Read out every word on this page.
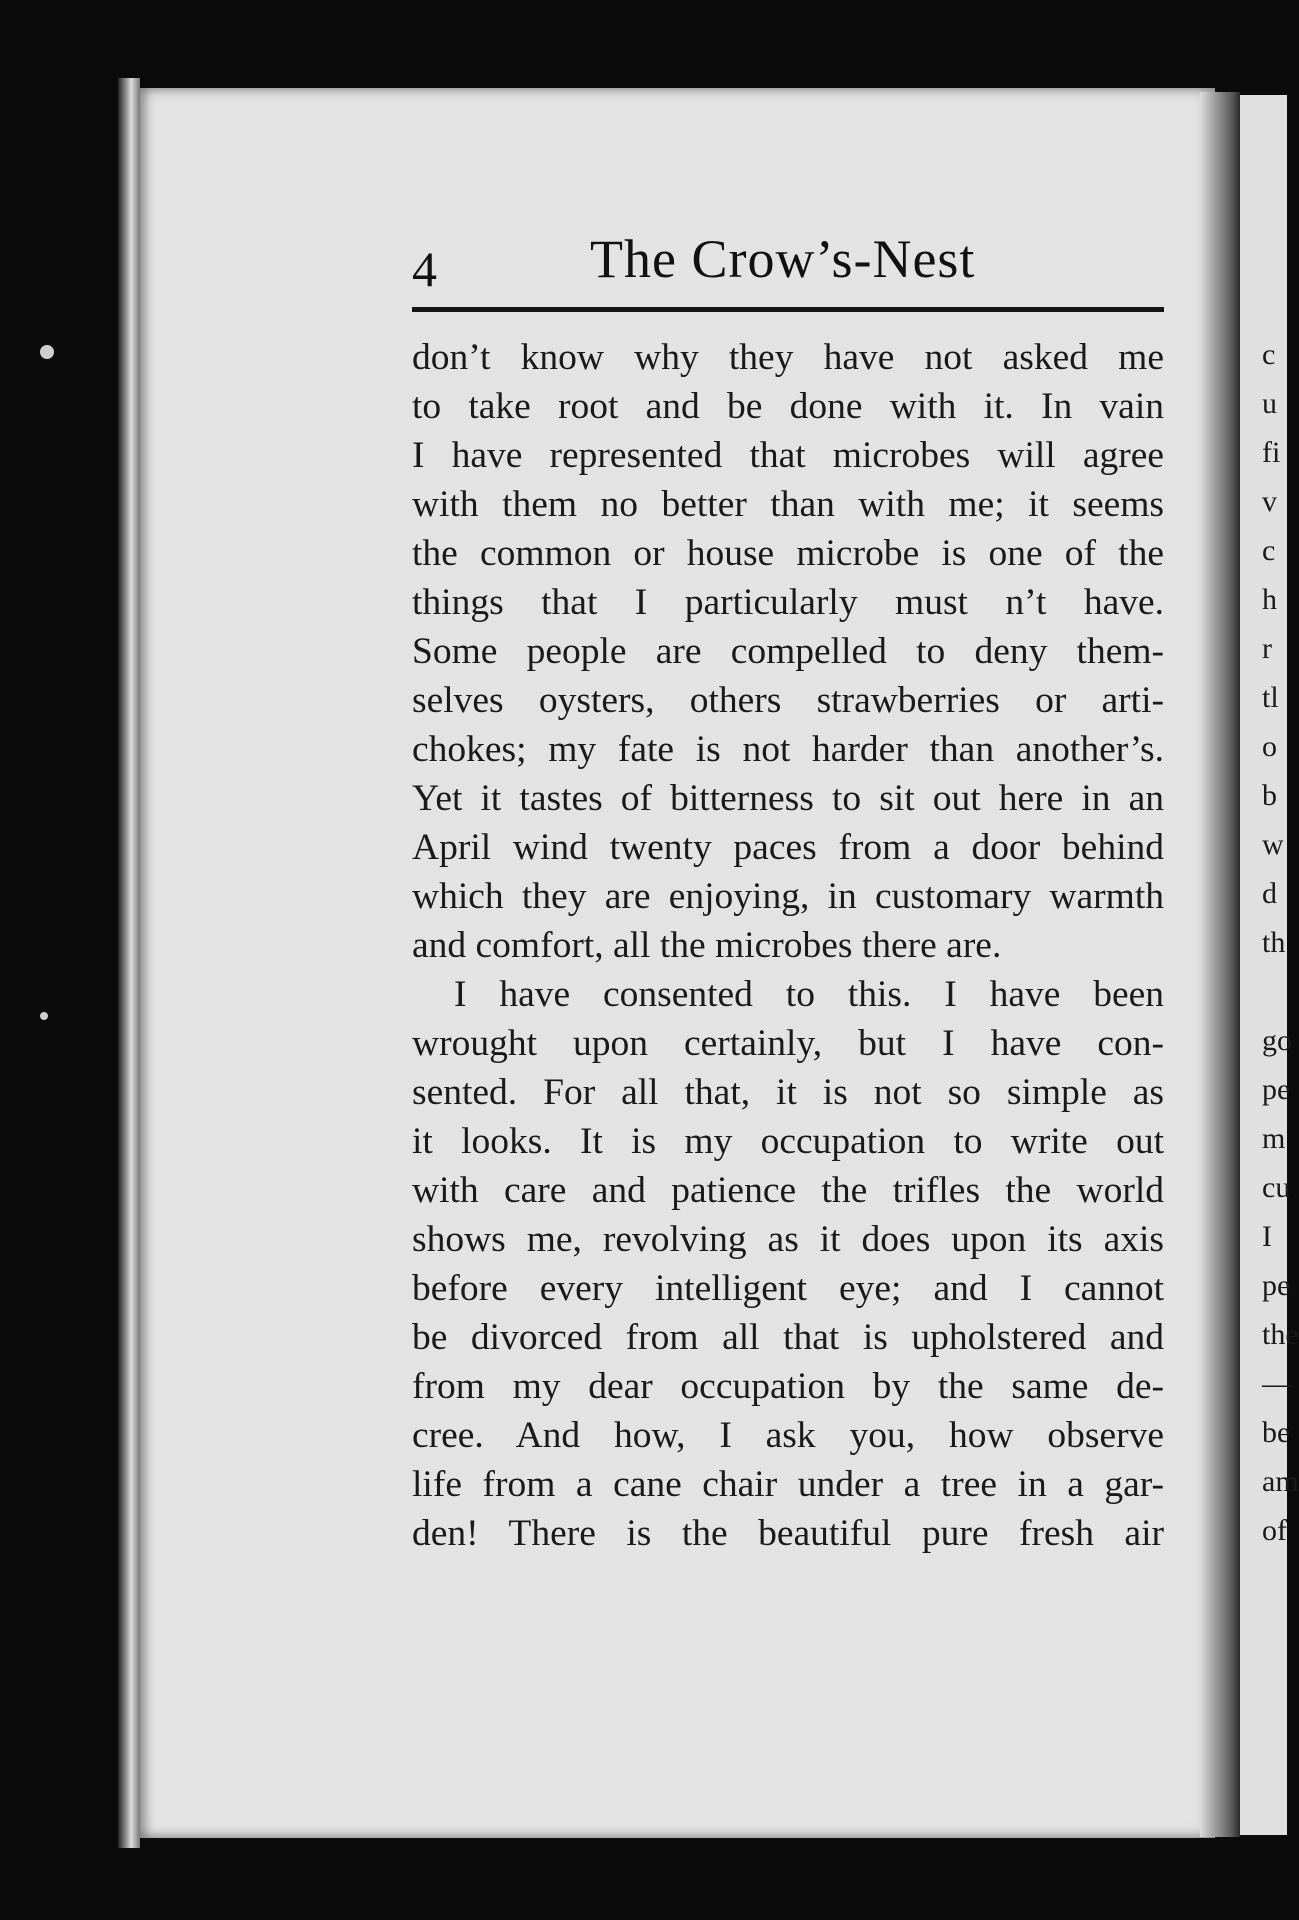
4	The Crow’s-Nest
don’t know why they have not asked me
to take root and be done with it. In vain
I have represented that microbes will agree
with them no better than with me; it seems
the common or house microbe is one of the
things that I particularly must n’t have.
Some people are compelled to deny them-
selves oysters, others strawberries or arti-
chokes; my fate is not harder than another’s.
Yet it tastes of bitterness to sit out here in an
April wind twenty paces from a door behind
which they are enjoying, in customary warmth
and comfort, all the microbes there are.
I have consented to this. I have been
wrought upon certainly, but I have con-
sented. For all that, it is not so simple as
it looks. It is my occupation to write out
with care and patience the trifles the world
shows me, revolving as it does upon its axis
before every intelligent eye; and I cannot
be divorced from all that is upholstered and
from my dear occupation by the same de-
cree. And how, I ask you, how observe
life from a cane chair under a tree in a gar-
den! There is the beautiful pure fresh air
c
u
fi
v
c
h
r
tl
o
b
w
d
th
go
pe
m
cu
I
pe
the
—
be
am
of
